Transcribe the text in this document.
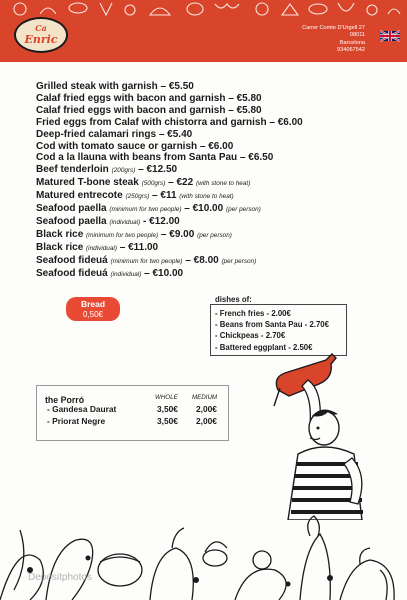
Ca
Enric
Carrer Comte D'Urgell 27
08011
Barcelona
934067542
Grilled steak with garnish – €5.50
Calaf fried eggs with bacon and garnish – €5.80
Calaf fried eggs with bacon and garnish – €5.80
Fried eggs from Calaf with chistorra and garnish – €6.00
Deep-fried calamari rings – €5.40
Cod with tomato sauce or garnish – €6.00
Cod a la llauna with beans from Santa Pau – €6.50
Beef tenderloin (200grs) – €12.50
Matured T-bone steak (500grs) – €22 (with stone to heat)
Matured entrecote (250grs) – €11 (with stone to heat)
Seafood paella (minimum for two people) – €10.00 (per person)
Seafood paella (individual) - €12.00
Black rice (minimum for two people) – €9.00 (per person)
Black rice (individual) – €11.00
Seafood fideuá (minimum for two people) – €8.00 (per person)
Seafood fideuá (individual) – €10.00
Bread
0,50€
dishes of:
- French fries - 2.00€
- Beans from Santa Pau - 2.70€
- Chickpeas - 2.70€
- Battered eggplant - 2.50€
the Porró	WHOLE MEDIUM
- Gandesa Daurat	3,50€ 2,00€
- Priorat Negre	3,50€ 2,00€
Depositphotos
